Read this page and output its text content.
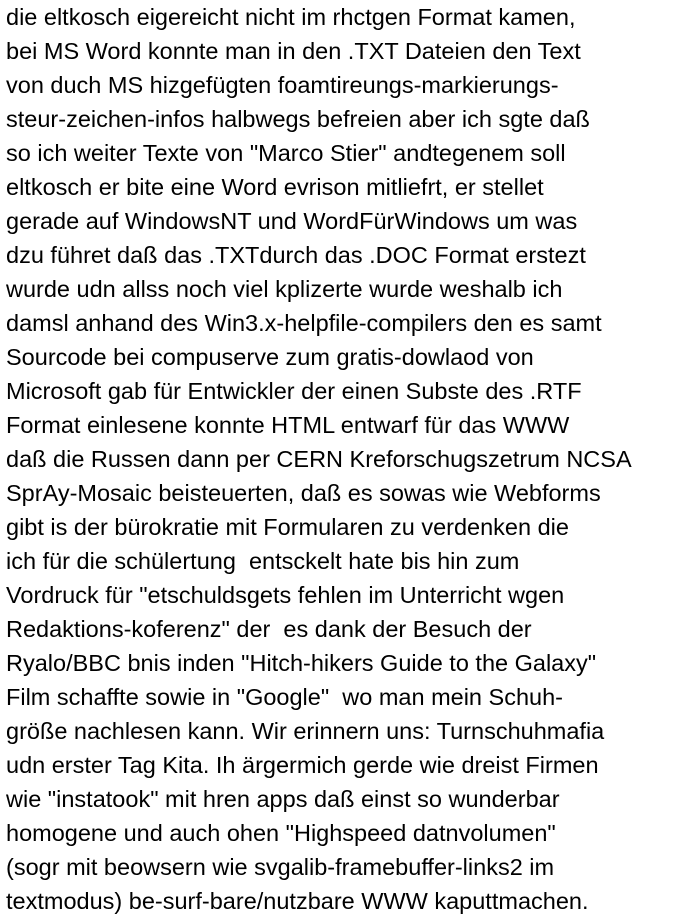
die eltkosch eigereicht nicht im rhctgen Format kamen,
bei MS Word konnte man in den .TXT Dateien den Text
von duch MS hizgefügten foamtireungs-markierungs-
steur-zeichen-infos halbwegs befreien aber ich sgte daß
so ich weiter Texte von "Marco Stier" andtegenem soll
eltkosch er bite eine Word evrison mitliefrt, er stellet
gerade auf WindowsNT und WordFürWindows um was
dzu führet daß das .TXTdurch das .DOC Format erstezt
wurde udn allss noch viel kplizerte wurde weshalb ich
damsl anhand des Win3.x-helpfile-compilers den es samt
Sourcode bei compuserve zum gratis-dowlaod von
Microsoft gab für Entwickler der einen Subste des .RTF
Format einlesene konnte HTML entwarf für das WWW
daß die Russen dann per CERN Kreforschugszetrum NCSA
SprAy-Mosaic beisteuerten, daß es sowas wie Webforms
gibt is der bürokratie mit Formularen zu verdenken die
ich für die schülertung  entsckelt hate bis hin zum
Vordruck für "etschuldsgets fehlen im Unterricht wgen
Redaktions-koferenz" der  es dank der Besuch der
Ryalo/BBC bnis inden "Hitch-hikers Guide to the Galaxy"
Film schaffte sowie in "Google"  wo man mein Schuh-
größe nachlesen kann. Wir erinnern uns: Turnschuhmafia
udn erster Tag Kita. Ih ärgermich gerde wie dreist Firmen
wie "instatook" mit hren apps daß einst so wunderbar
homogene und auch ohen "Highspeed datnvolumen"
(sogr mit beowsern wie svgalib-framebuffer-links2 im
textmodus) be-surf-bare/nutzbare WWW kaputtmachen.
